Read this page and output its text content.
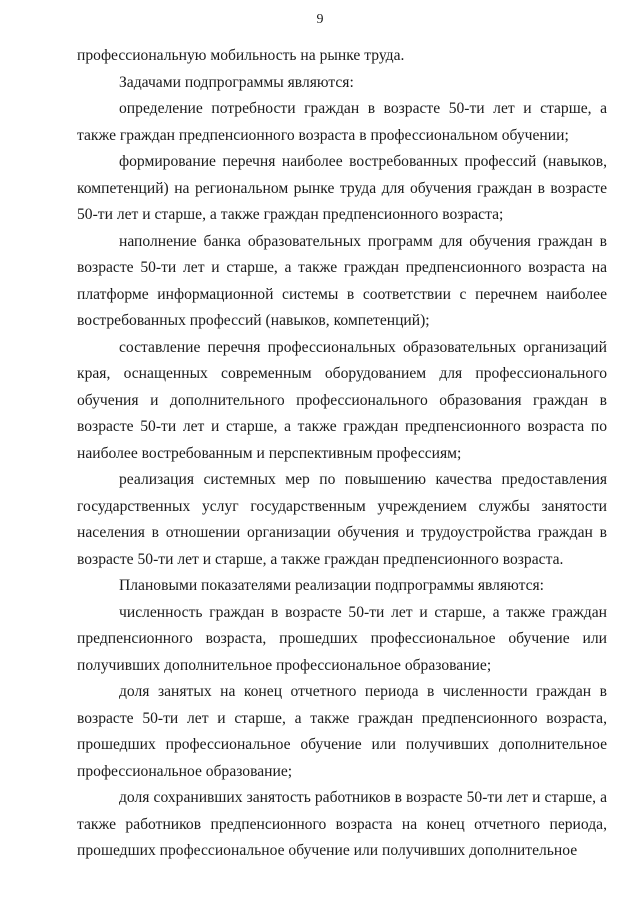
9

профессиональную мобильность на рынке труда.

Задачами подпрограммы являются:

определение потребности граждан в возрасте 50-ти лет и старше, а также граждан предпенсионного возраста в профессиональном обучении;

формирование перечня наиболее востребованных профессий (навыков, компетенций) на региональном рынке труда для обучения граждан в возрасте 50-ти лет и старше, а также граждан предпенсионного возраста;

наполнение банка образовательных программ для обучения граждан в возрасте 50-ти лет и старше, а также граждан предпенсионного возраста на платформе информационной системы в соответствии с перечнем наиболее востребованных профессий (навыков, компетенций);

составление перечня профессиональных образовательных организаций края, оснащенных современным оборудованием для профессионального обучения и дополнительного профессионального образования граждан в возрасте 50-ти лет и старше, а также граждан предпенсионного возраста по наиболее востребованным и перспективным профессиям;

реализация системных мер по повышению качества предоставления государственных услуг государственным учреждением службы занятости населения в отношении организации обучения и трудоустройства граждан в возрасте 50-ти лет и старше, а также граждан предпенсионного возраста.

Плановыми показателями реализации подпрограммы являются:

численность граждан в возрасте 50-ти лет и старше, а также граждан предпенсионного возраста, прошедших профессиональное обучение или получивших дополнительное профессиональное образование;

доля занятых на конец отчетного периода в численности граждан в возрасте 50-ти лет и старше, а также граждан предпенсионного возраста, прошедших профессиональное обучение или получивших дополнительное профессиональное образование;

доля сохранивших занятость работников в возрасте 50-ти лет и старше, а также работников предпенсионного возраста на конец отчетного периода, прошедших профессиональное обучение или получивших дополнительное
